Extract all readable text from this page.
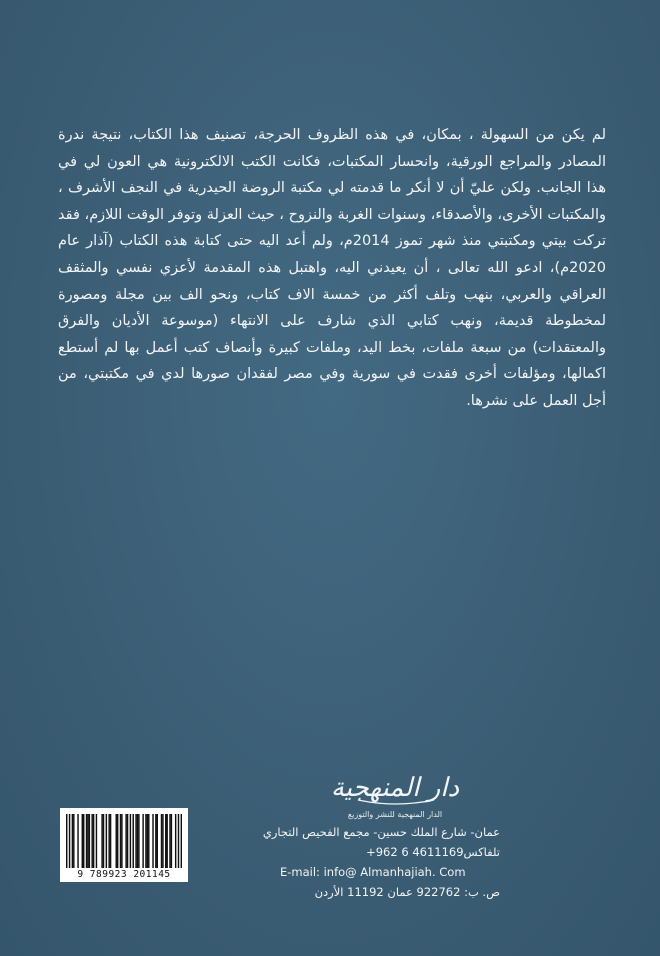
لم يكن من السهولة ، بمكان، في هذه الظروف الحرجة، تصنيف هذا الكتاب، نتيجة ندرة المصادر والمراجع الورقية، وانحسار المكتبات، فكانت الكتب الالكترونية هي العون لي في هذا الجانب. ولكن عليّ أن لا أنكر ما قدمته لي مكتبة الروضة الحيدرية في النجف الأشرف ، والمكتبات الأخرى، والأصدقاء، وسنوات الغربة والنزوح ، حيث العزلة وتوفر الوقت اللازم، فقد تركت بيتي ومكتبتي منذ شهر تموز 2014م، ولم أعد اليه حتى كتابة هذه الكتاب (آذار عام 2020م)، ادعو الله تعالى ، أن يعيدني اليه، واهتبل هذه المقدمة لأعزي نفسي والمثقف العراقي والعربي، بنهب وتلف أكثر من خمسة الاف كتاب، ونحو الف بين مجلة ومصورة لمخطوطة قديمة، ونهب كتابي الذي شارف على الانتهاء (موسوعة الأديان والفرق والمعتقدات) من سبعة ملفات، بخط اليد، وملفات كبيرة وأنصاف كتب أعمل بها لم أستطع اكمالها، ومؤلفات أخرى فقدت في سورية وفي مصر لفقدان صورها لدي في مكتبتي، من أجل العمل على نشرها.

دار المنهجية
الدار المنهجية للنشر والتوزيع
عمان- شارع الملك حسين- مجمع الفحيص التجاري
تلفاكس4611169 6 962+
E-mail: info@ Almanhajiah. Com
ص. ب: 922762 عمان 11192 الأردن
9 789923 201145
